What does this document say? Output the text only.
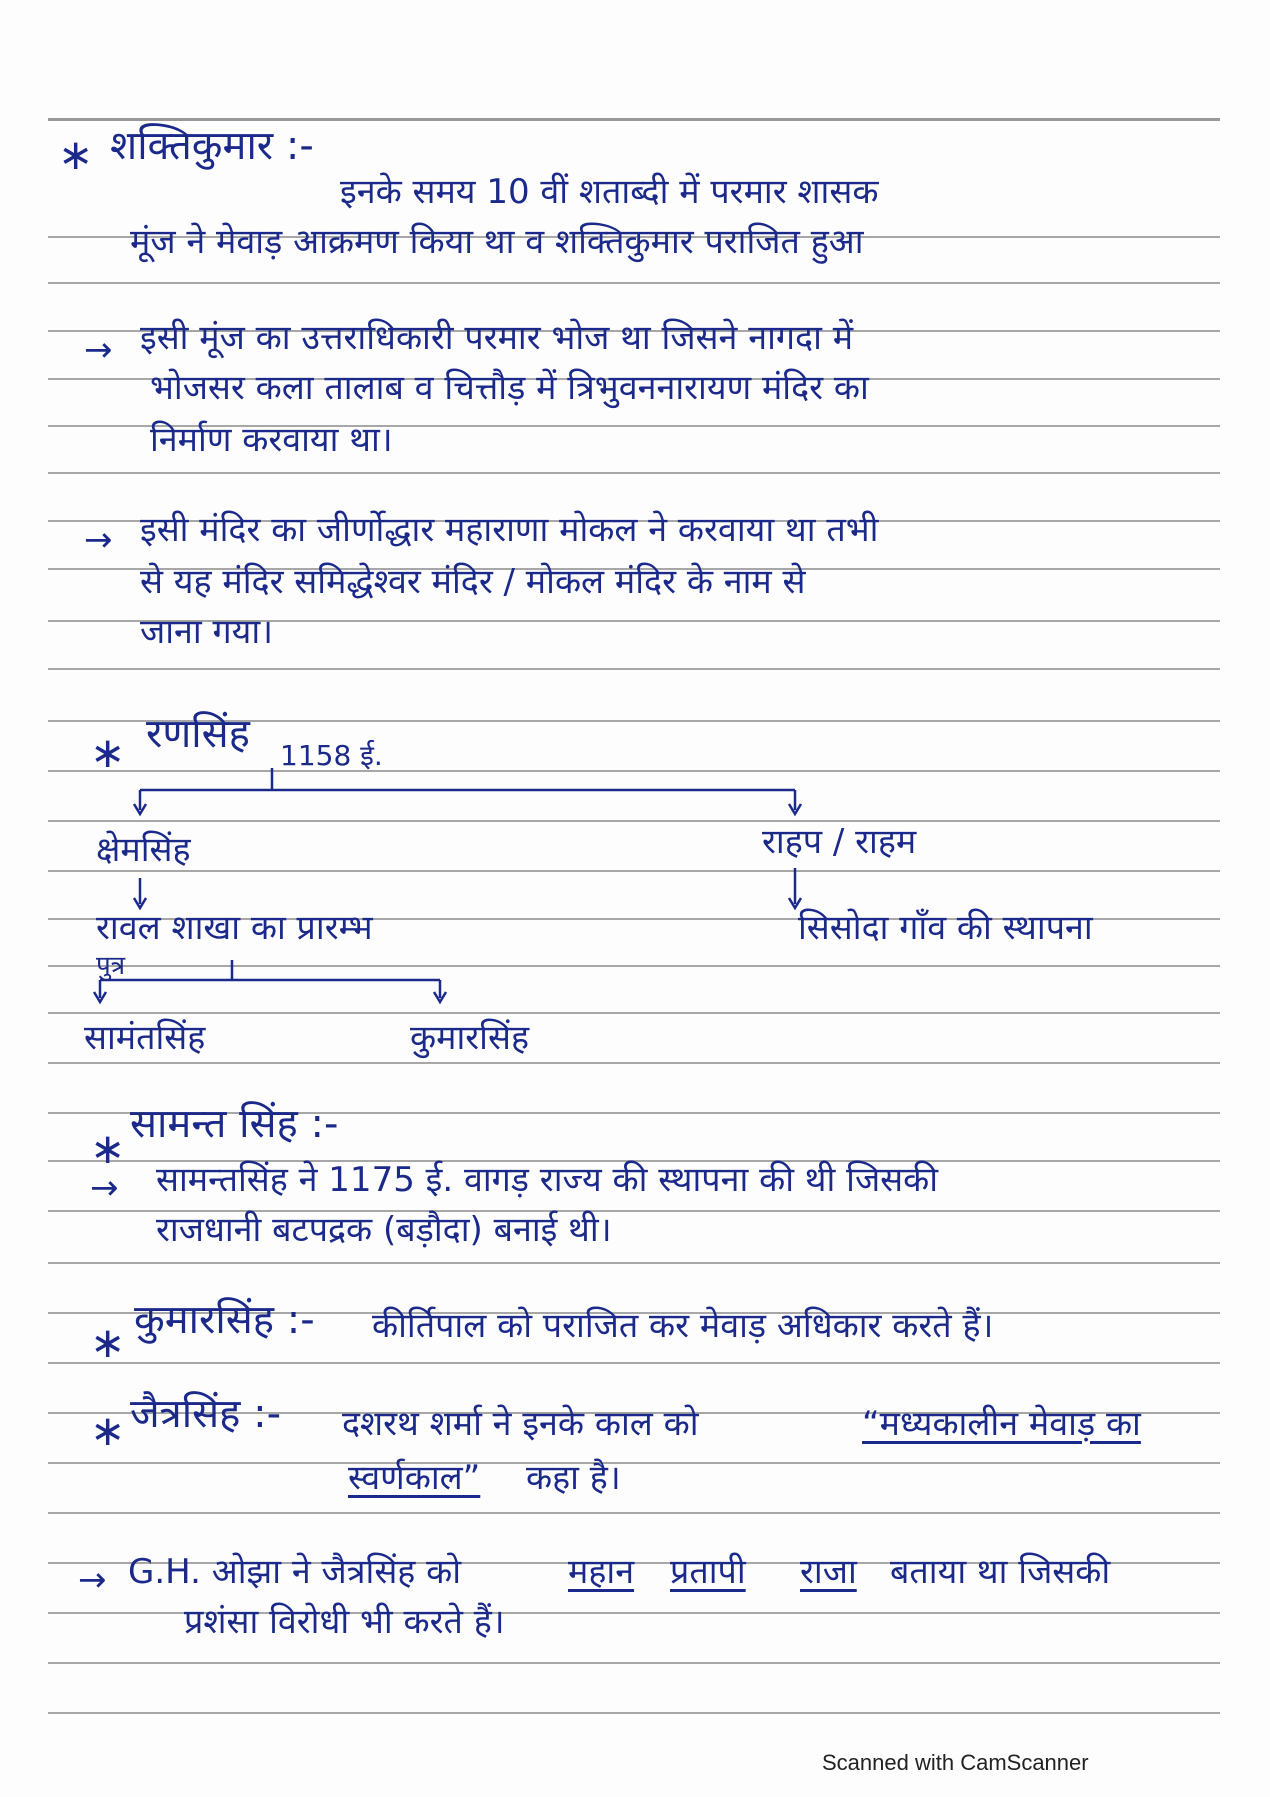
∗ शक्तिकुमार :-
इनके समय 10 वीं शताब्दी में परमार शासक
मूंज ने मेवाड़ आक्रमण किया था व शक्तिकुमार पराजित हुआ
→ इसी मूंज का उत्तराधिकारी परमार भोज था जिसने नागदा में
भोजसर कला तालाब व चित्तौड़ में त्रिभुवननारायण मंदिर का
निर्माण करवाया था।
→ इसी मंदिर का जीर्णोद्धार महाराणा मोकल ने करवाया था तभी
से यह मंदिर समिद्धेश्वर मंदिर / मोकल मंदिर के नाम से
जाना गया।
∗ रणसिंह 1158 ई.
क्षेमसिंह	राहप / राहम
रावल शाखा का प्रारम्भ	सिसोदा गाँव की स्थापना
पुत्र
सामंतसिंह	कुमारसिंह
∗ सामन्त सिंह :-
→ सामन्तसिंह ने 1175 ई. वागड़ राज्य की स्थापना की थी जिसकी
राजधानी बटपद्रक (बड़ौदा) बनाई थी।
∗ कुमारसिंह :- कीर्तिपाल को पराजित कर मेवाड़ अधिकार करते हैं।
∗ जैत्रसिंह :- दशरथ शर्मा ने इनके काल को	“मध्यकालीन मेवाड़ का
स्वर्णकाल” कहा है।
→ G.H. ओझा ने जैत्रसिंह को	महान प्रतापी राजा बताया था जिसकी
प्रशंसा विरोधी भी करते हैं।
Scanned with CamScanner
